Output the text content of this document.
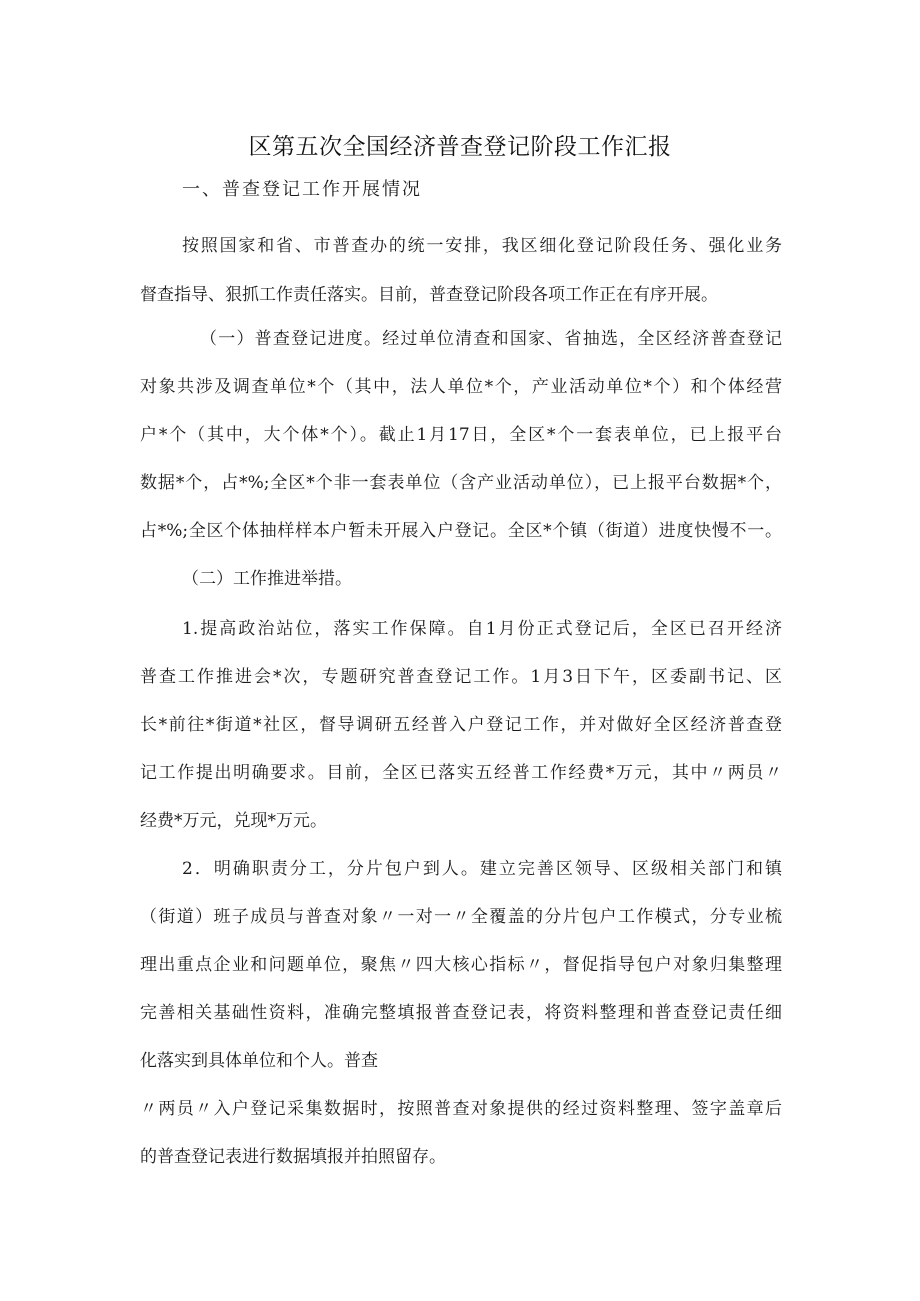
区第五次全国经济普查登记阶段工作汇报

一、普查登记工作开展情况

按照国家和省、市普查办的统一安排，我区细化登记阶段任务、强化业务

督查指导、狠抓工作责任落实。目前，普查登记阶段各项工作正在有序开展。

（一）普查登记进度。经过单位清查和国家、省抽选，全区经济普查登记

对象共涉及调查单位*个（其中，法人单位*个，产业活动单位*个）和个体经营

户*个（其中，大个体*个）。截止1月17日，全区*个一套表单位，已上报平台

数据*个，占*%;全区*个非一套表单位（含产业活动单位），已上报平台数据*个，

占*%;全区个体抽样样本户暂未开展入户登记。全区*个镇（街道）进度快慢不一。

（二）工作推进举措。

1.提高政治站位，落实工作保障。自1月份正式登记后，全区已召开经济

普查工作推进会*次，专题研究普查登记工作。1月3日下午，区委副书记、区

长*前往*街道*社区，督导调研五经普入户登记工作，并对做好全区经济普查登

记工作提出明确要求。目前，全区已落实五经普工作经费*万元，其中〃两员〃

经费*万元，兑现*万元。

2．明确职责分工，分片包户到人。建立完善区领导、区级相关部门和镇

（街道）班子成员与普查对象〃一对一〃全覆盖的分片包户工作模式，分专业梳

理出重点企业和问题单位，聚焦〃四大核心指标〃，督促指导包户对象归集整理

完善相关基础性资料，准确完整填报普查登记表，将资料整理和普查登记责任细

化落实到具体单位和个人。普查

〃两员〃入户登记采集数据时，按照普查对象提供的经过资料整理、签字盖章后

的普查登记表进行数据填报并拍照留存。
